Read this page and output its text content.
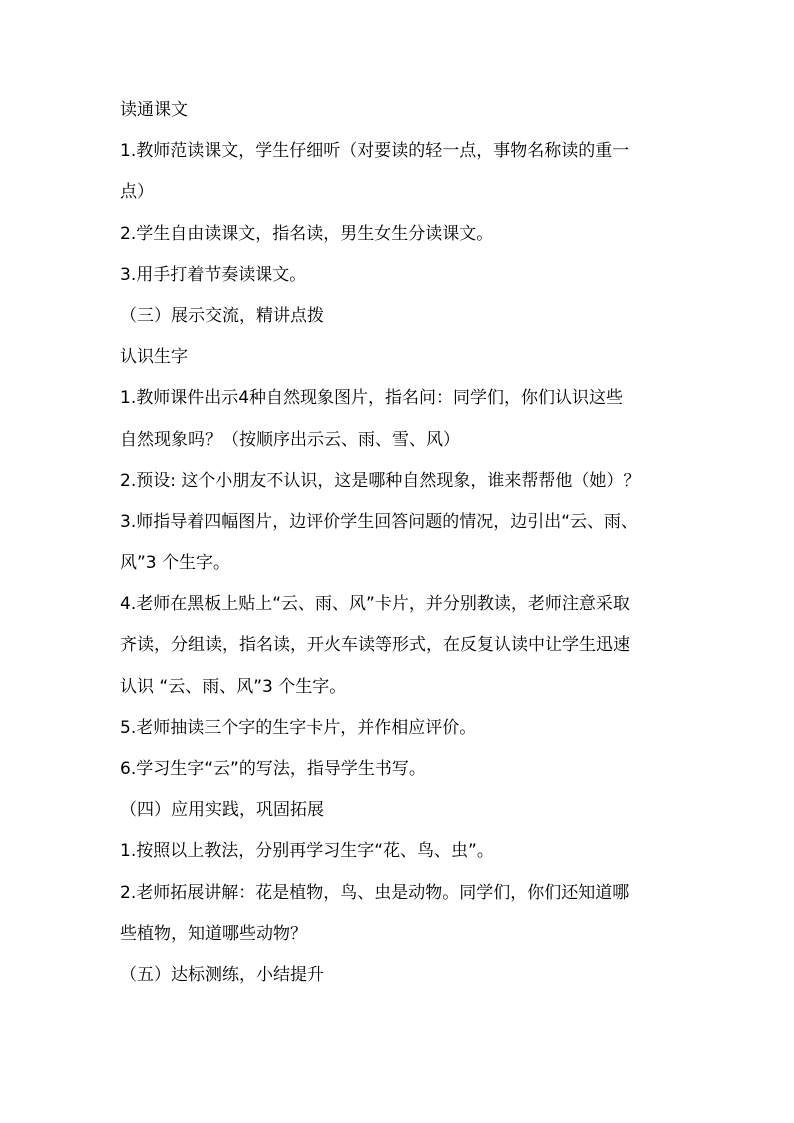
读通课文
1.教师范读课文，学生仔细听（对要读的轻一点，事物名称读的重一
点）
2.学生自由读课文，指名读，男生女生分读课文。
3.用手打着节奏读课文。
（三）展示交流，精讲点拨
认识生字
1.教师课件出示4种自然现象图片，指名问：同学们，你们认识这些
自然现象吗？（按顺序出示云、雨、雪、风）
2.预设: 这个小朋友不认识，这是哪种自然现象，谁来帮帮他（她）？
3.师指导着四幅图片，边评价学生回答问题的情况，边引出“云、雨、
风”3 个生字。
4.老师在黑板上贴上“云、雨、风”卡片，并分别教读，老师注意采取
齐读，分组读，指名读，开火车读等形式，在反复认读中让学生迅速
认识 “云、雨、风”3 个生字。
5.老师抽读三个字的生字卡片，并作相应评价。
6.学习生字“云”的写法，指导学生书写。
（四）应用实践，巩固拓展
1.按照以上教法，分别再学习生字“花、鸟、虫”。
2.老师拓展讲解：花是植物，鸟、虫是动物。同学们，你们还知道哪
些植物，知道哪些动物？
（五）达标测练，小结提升
